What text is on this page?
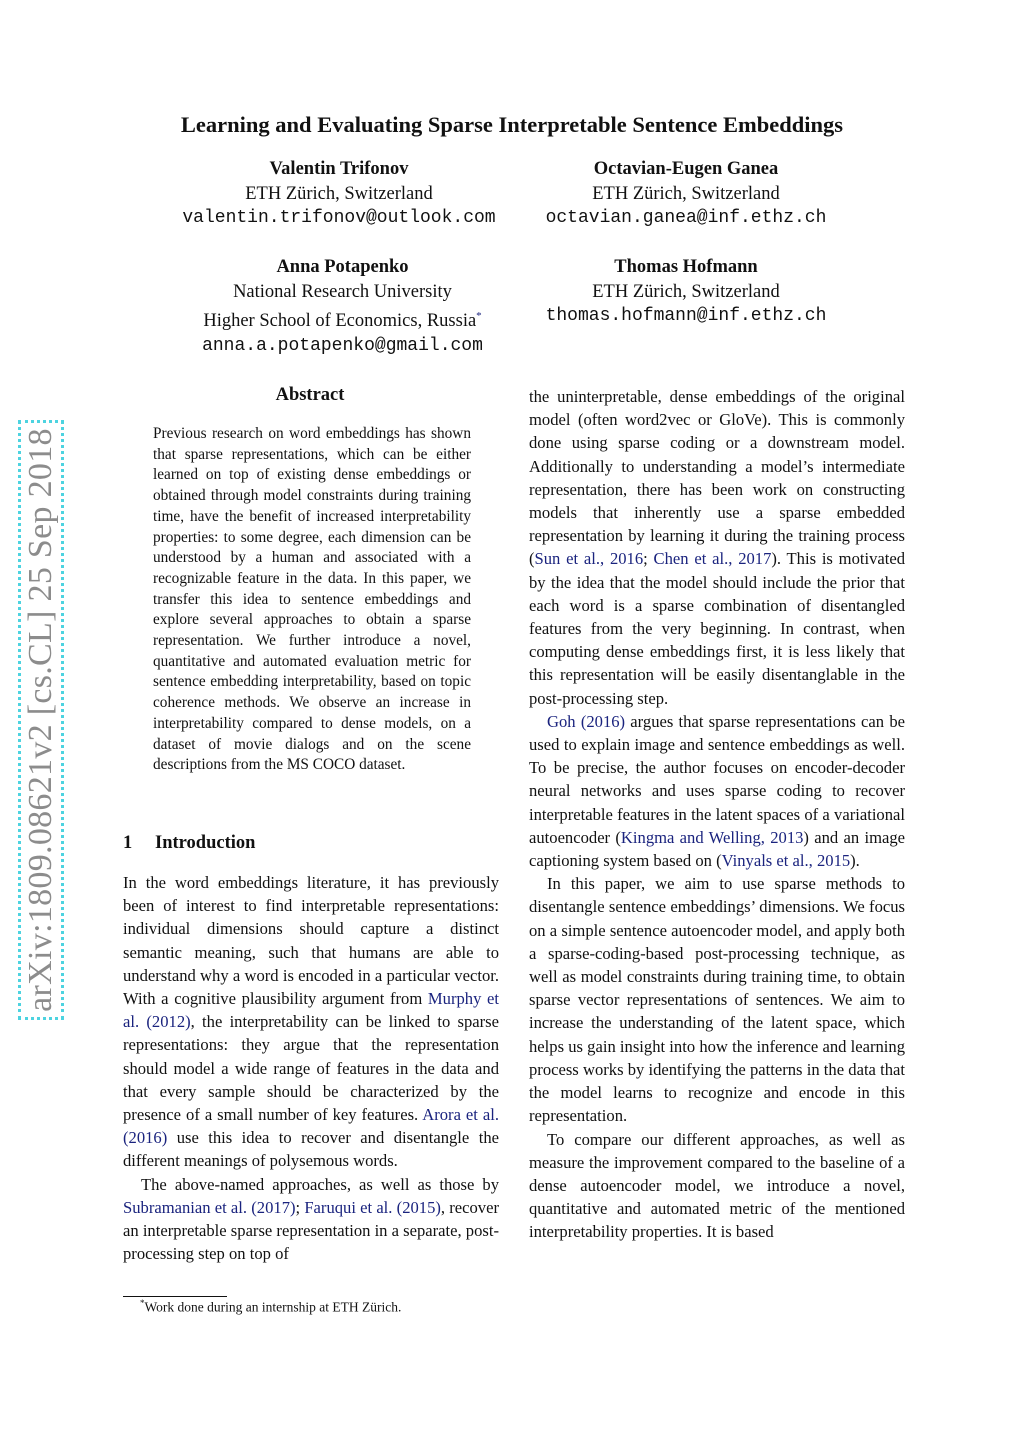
Learning and Evaluating Sparse Interpretable Sentence Embeddings
Valentin Trifonov
ETH Zürich, Switzerland
valentin.trifonov@outlook.com
Octavian-Eugen Ganea
ETH Zürich, Switzerland
octavian.ganea@inf.ethz.ch
Anna Potapenko
National Research University
Higher School of Economics, Russia*
anna.a.potapenko@gmail.com
Thomas Hofmann
ETH Zürich, Switzerland
thomas.hofmann@inf.ethz.ch
arXiv:1809.08621v2 [cs.CL] 25 Sep 2018
Abstract
Previous research on word embeddings has shown that sparse representations, which can be either learned on top of existing dense embeddings or obtained through model constraints during training time, have the benefit of increased interpretability properties: to some degree, each dimension can be understood by a human and associated with a recognizable feature in the data. In this paper, we transfer this idea to sentence embeddings and explore several approaches to obtain a sparse representation. We further introduce a novel, quantitative and automated evaluation metric for sentence embedding interpretability, based on topic coherence methods. We observe an increase in interpretability compared to dense models, on a dataset of movie dialogs and on the scene descriptions from the MS COCO dataset.
1 Introduction

In the word embeddings literature, it has previously been of interest to find interpretable representations: individual dimensions should capture a distinct semantic meaning, such that humans are able to understand why a word is encoded in a particular vector. With a cognitive plausibility argument from Murphy et al. (2012), the interpretability can be linked to sparse representations: they argue that the representation should model a wide range of features in the data and that every sample should be characterized by the presence of a small number of key features. Arora et al. (2016) use this idea to recover and disentangle the different meanings of polysemous words.

The above-named approaches, as well as those by Subramanian et al. (2017); Faruqui et al. (2015), recover an interpretable sparse representation in a separate, post-processing step on top of

the uninterpretable, dense embeddings of the original model (often word2vec or GloVe). This is commonly done using sparse coding or a downstream model. Additionally to understanding a model’s intermediate representation, there has been work on constructing models that inherently use a sparse embedded representation by learning it during the training process (Sun et al., 2016; Chen et al., 2017). This is motivated by the idea that the model should include the prior that each word is a sparse combination of disentangled features from the very beginning. In contrast, when computing dense embeddings first, it is less likely that this representation will be easily disentanglable in the post-processing step.

Goh (2016) argues that sparse representations can be used to explain image and sentence embeddings as well. To be precise, the author focuses on encoder-decoder neural networks and uses sparse coding to recover interpretable features in the latent spaces of a variational autoencoder (Kingma and Welling, 2013) and an image captioning system based on (Vinyals et al., 2015).

In this paper, we aim to use sparse methods to disentangle sentence embeddings’ dimensions. We focus on a simple sentence autoencoder model, and apply both a sparse-coding-based post-processing technique, as well as model constraints during training time, to obtain sparse vector representations of sentences. We aim to increase the understanding of the latent space, which helps us gain insight into how the inference and learning process works by identifying the patterns in the data that the model learns to recognize and encode in this representation.

To compare our different approaches, as well as measure the improvement compared to the baseline of a dense autoencoder model, we introduce a novel, quantitative and automated metric of the mentioned interpretability properties. It is based

*Work done during an internship at ETH Zürich.
